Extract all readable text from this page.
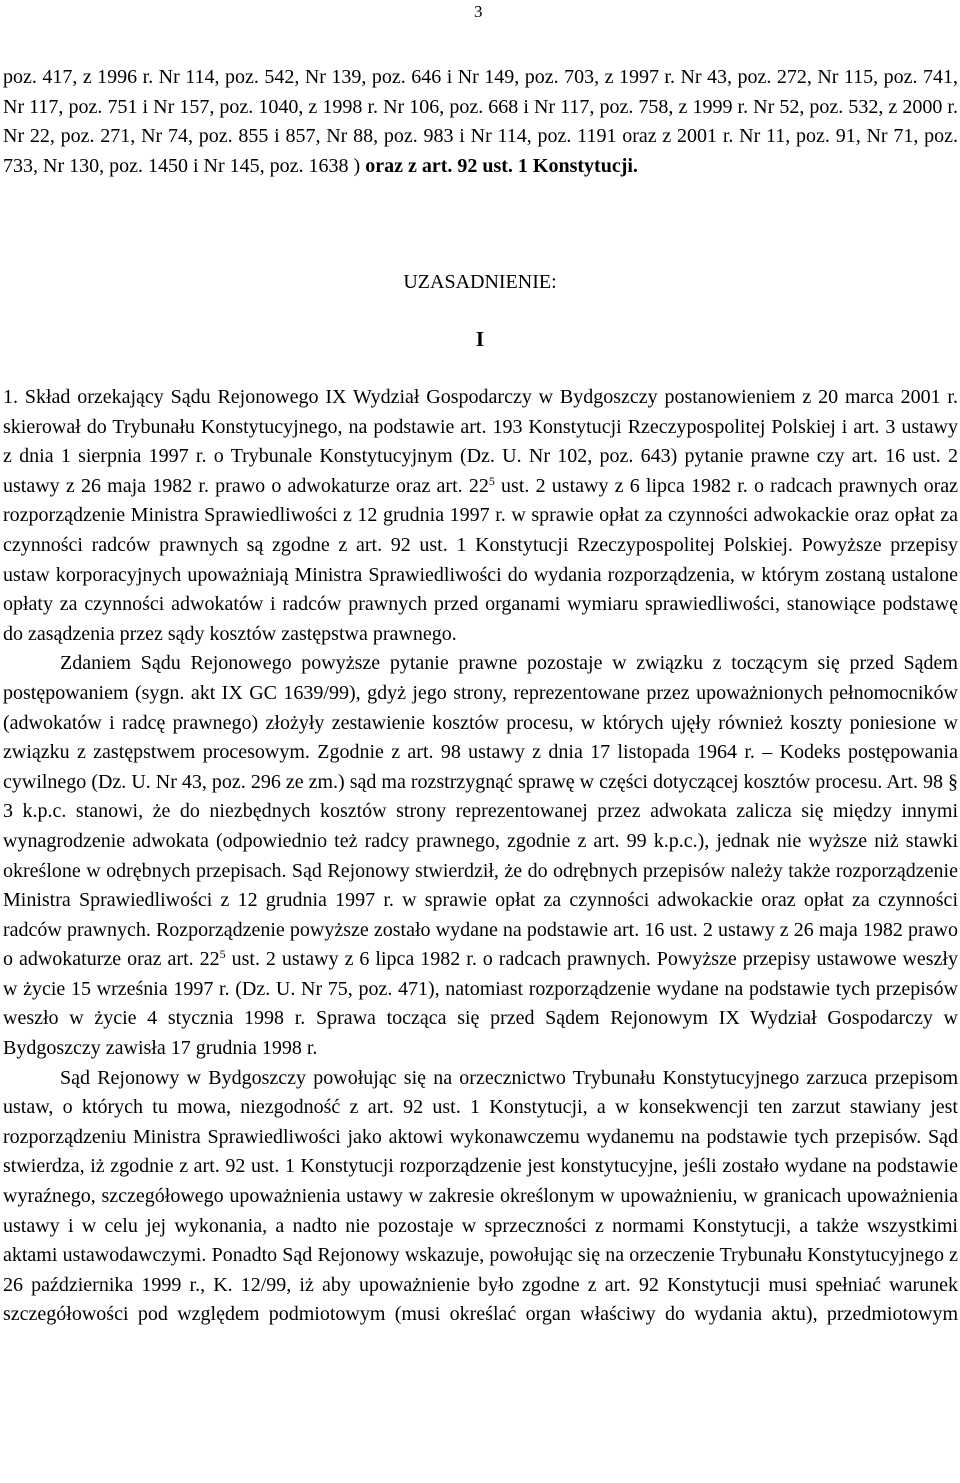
3

poz. 417, z 1996 r. Nr 114, poz. 542, Nr 139, poz. 646 i Nr 149, poz. 703, z 1997 r. Nr 43, poz. 272, Nr 115, poz. 741, Nr 117, poz. 751 i Nr 157, poz. 1040, z 1998 r. Nr 106, poz. 668 i Nr 117, poz. 758, z 1999 r. Nr 52, poz. 532, z 2000 r. Nr 22, poz. 271, Nr 74, poz. 855 i 857, Nr 88, poz. 983 i Nr 114, poz. 1191 oraz z 2001 r. Nr 11, poz. 91, Nr 71, poz. 733, Nr 130, poz. 1450 i Nr 145, poz. 1638 ) oraz z art. 92 ust. 1 Konstytucji.

UZASADNIENIE:
I

1. Skład orzekający Sądu Rejonowego IX Wydział Gospodarczy w Bydgoszczy postanowieniem z 20 marca 2001 r. skierował do Trybunału Konstytucyjnego, na podstawie art. 193 Konstytucji Rzeczypospolitej Polskiej i art. 3 ustawy z dnia 1 sierpnia 1997 r. o Trybunale Konstytucyjnym (Dz. U. Nr 102, poz. 643) pytanie prawne czy art. 16 ust. 2 ustawy z 26 maja 1982 r. prawo o adwokaturze oraz art. $22^5$ ust. 2 ustawy z 6 lipca 1982 r. o radcach prawnych oraz rozporządzenie Ministra Sprawiedliwości z 12 grudnia 1997 r. w sprawie opłat za czynności adwokackie oraz opłat za czynności radców prawnych są zgodne z art. 92 ust. 1 Konstytucji Rzeczypospolitej Polskiej. Powyższe przepisy ustaw korporacyjnych upoważniają Ministra Sprawiedliwości do wydania rozporządzenia, w którym zostaną ustalone opłaty za czynności adwokatów i radców prawnych przed organami wymiaru sprawiedliwości, stanowiące podstawę do zasądzenia przez sądy kosztów zastępstwa prawnego.

Zdaniem Sądu Rejonowego powyższe pytanie prawne pozostaje w związku z toczącym się przed Sądem postępowaniem (sygn. akt IX GC 1639/99), gdyż jego strony, reprezentowane przez upoważnionych pełnomocników (adwokatów i radcę prawnego) złożyły zestawienie kosztów procesu, w których ujęły również koszty poniesione w związku z zastępstwem procesowym. Zgodnie z art. 98 ustawy z dnia 17 listopada 1964 r. – Kodeks postępowania cywilnego (Dz. U. Nr 43, poz. 296 ze zm.) sąd ma rozstrzygnąć sprawę w części dotyczącej kosztów procesu. Art. 98 § 3 k.p.c. stanowi, że do niezbędnych kosztów strony reprezentowanej przez adwokata zalicza się między innymi wynagrodzenie adwokata (odpowiednio też radcy prawnego, zgodnie z art. 99 k.p.c.), jednak nie wyższe niż stawki określone w odrębnych przepisach. Sąd Rejonowy stwierdził, że do odrębnych przepisów należy także rozporządzenie Ministra Sprawiedliwości z 12 grudnia 1997 r. w sprawie opłat za czynności adwokackie oraz opłat za czynności radców prawnych. Rozporządzenie powyższe zostało wydane na podstawie art. 16 ust. 2 ustawy z 26 maja 1982 prawo o adwokaturze oraz art. $22^5$ ust. 2 ustawy z 6 lipca 1982 r. o radcach prawnych. Powyższe przepisy ustawowe weszły w życie 15 września 1997 r. (Dz. U. Nr 75, poz. 471), natomiast rozporządzenie wydane na podstawie tych przepisów weszło w życie 4 stycznia 1998 r. Sprawa tocząca się przed Sądem Rejonowym IX Wydział Gospodarczy w Bydgoszczy zawisła 17 grudnia 1998 r.

Sąd Rejonowy w Bydgoszczy powołując się na orzecznictwo Trybunału Konstytucyjnego zarzuca przepisom ustaw, o których tu mowa, niezgodność z art. 92 ust. 1 Konstytucji, a w konsekwencji ten zarzut stawiany jest rozporządzeniu Ministra Sprawiedliwości jako aktowi wykonawczemu wydanemu na podstawie tych przepisów. Sąd stwierdza, iż zgodnie z art. 92 ust. 1 Konstytucji rozporządzenie jest konstytucyjne, jeśli zostało wydane na podstawie wyraźnego, szczegółowego upoważnienia ustawy w zakresie określonym w upoważnieniu, w granicach upoważnienia ustawy i w celu jej wykonania, a nadto nie pozostaje w sprzeczności z normami Konstytucji, a także wszystkimi aktami ustawodawczymi. Ponadto Sąd Rejonowy wskazuje, powołując się na orzeczenie Trybunału Konstytucyjnego z 26 października 1999 r., K. 12/99, iż aby upoważnienie było zgodne z art. 92 Konstytucji musi spełniać warunek szczegółowości pod względem podmiotowym (musi określać organ właściwy do wydania aktu), przedmiotowym
